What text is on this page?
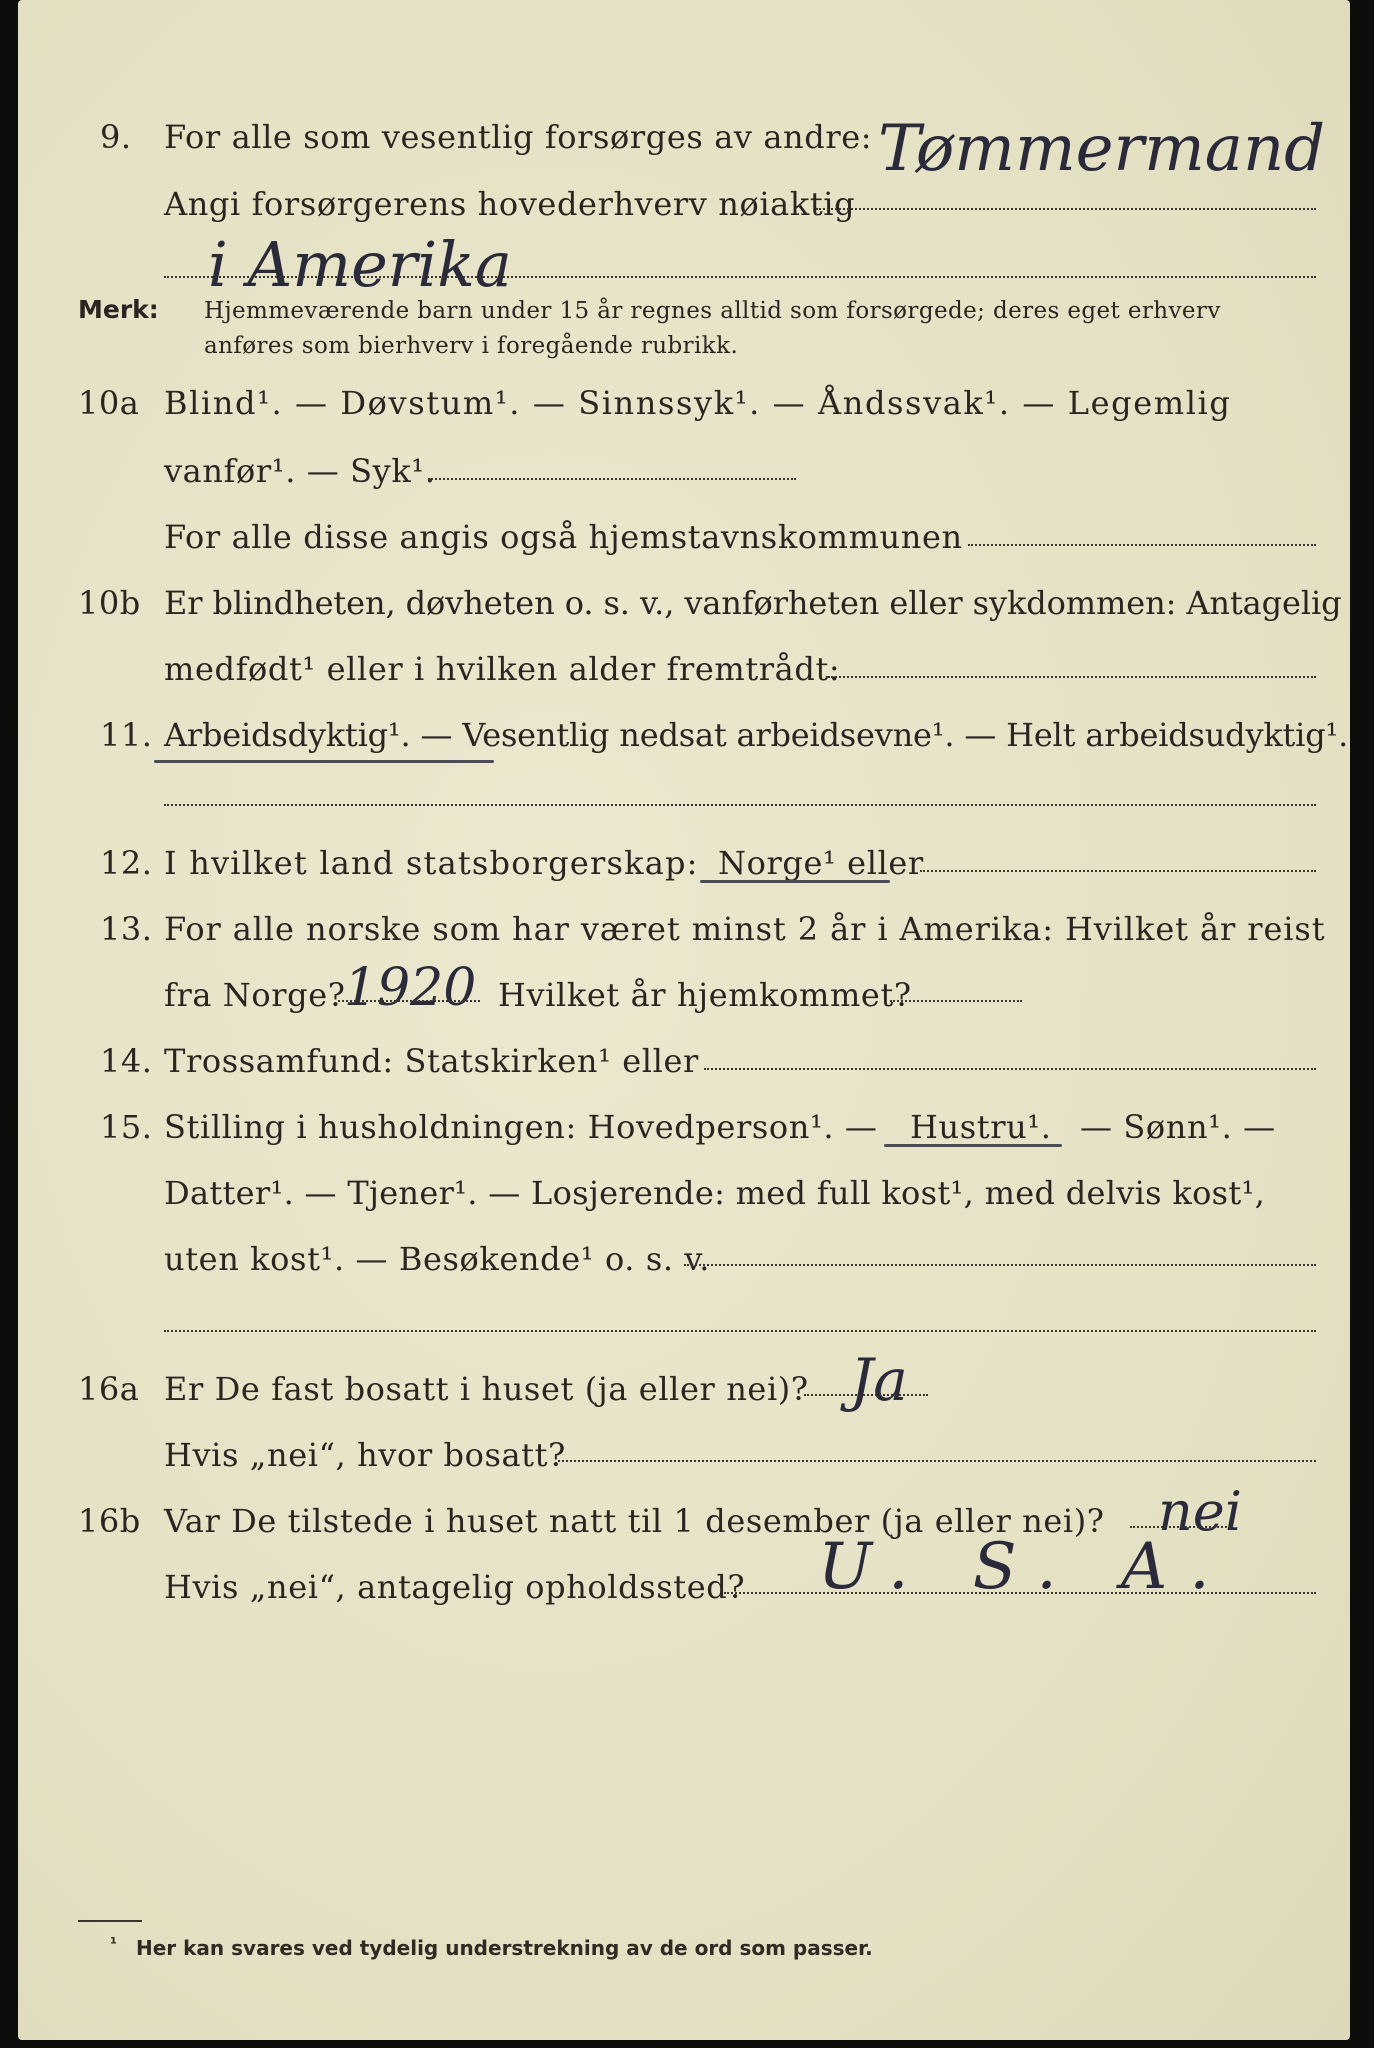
9. For alle som vesentlig forsørges av andre: Tømmermand
Angi forsørgerens hovederhverv nøiaktig
i Amerika
Merk: Hjemmeværende barn under 15 år regnes alltid som forsørgede; deres eget erhverv
anføres som bierhverv i foregående rubrikk.
10a Blind¹. — Døvstum¹. — Sinnssyk¹. — Åndssvak¹. — Legemlig
vanfør¹. — Syk¹.
For alle disse angis også hjemstavnskommunen
10b Er blindheten, døvheten o. s. v., vanførheten eller sykdommen: Antagelig
medfødt¹ eller i hvilken alder fremtrådt:
11. Arbeidsdyktig¹. — Vesentlig nedsat arbeidsevne¹. — Helt arbeidsudyktig¹.
12. I hvilket land statsborgerskap: Norge¹ eller
13. For alle norske som har været minst 2 år i Amerika: Hvilket år reist
fra Norge?
1920 Hvilket år hjemkommet?
14. Trossamfund: Statskirken¹ eller
15. Stilling i husholdningen: Hovedperson¹. — Hustru¹. — Sønn¹. —
Datter¹. — Tjener¹. — Losjerende: med full kost¹, med delvis kost¹,
uten kost¹. — Besøkende¹ o. s. v.
16a Er De fast bosatt i huset (ja eller nei)? Ja
Hvis „nei“, hvor bosatt?
16b Var De tilstede i huset natt til 1 desember (ja eller nei)? nei
Hvis „nei“, antagelig opholdssted? U. S. A.
¹ Her kan svares ved tydelig understrekning av de ord som passer.
